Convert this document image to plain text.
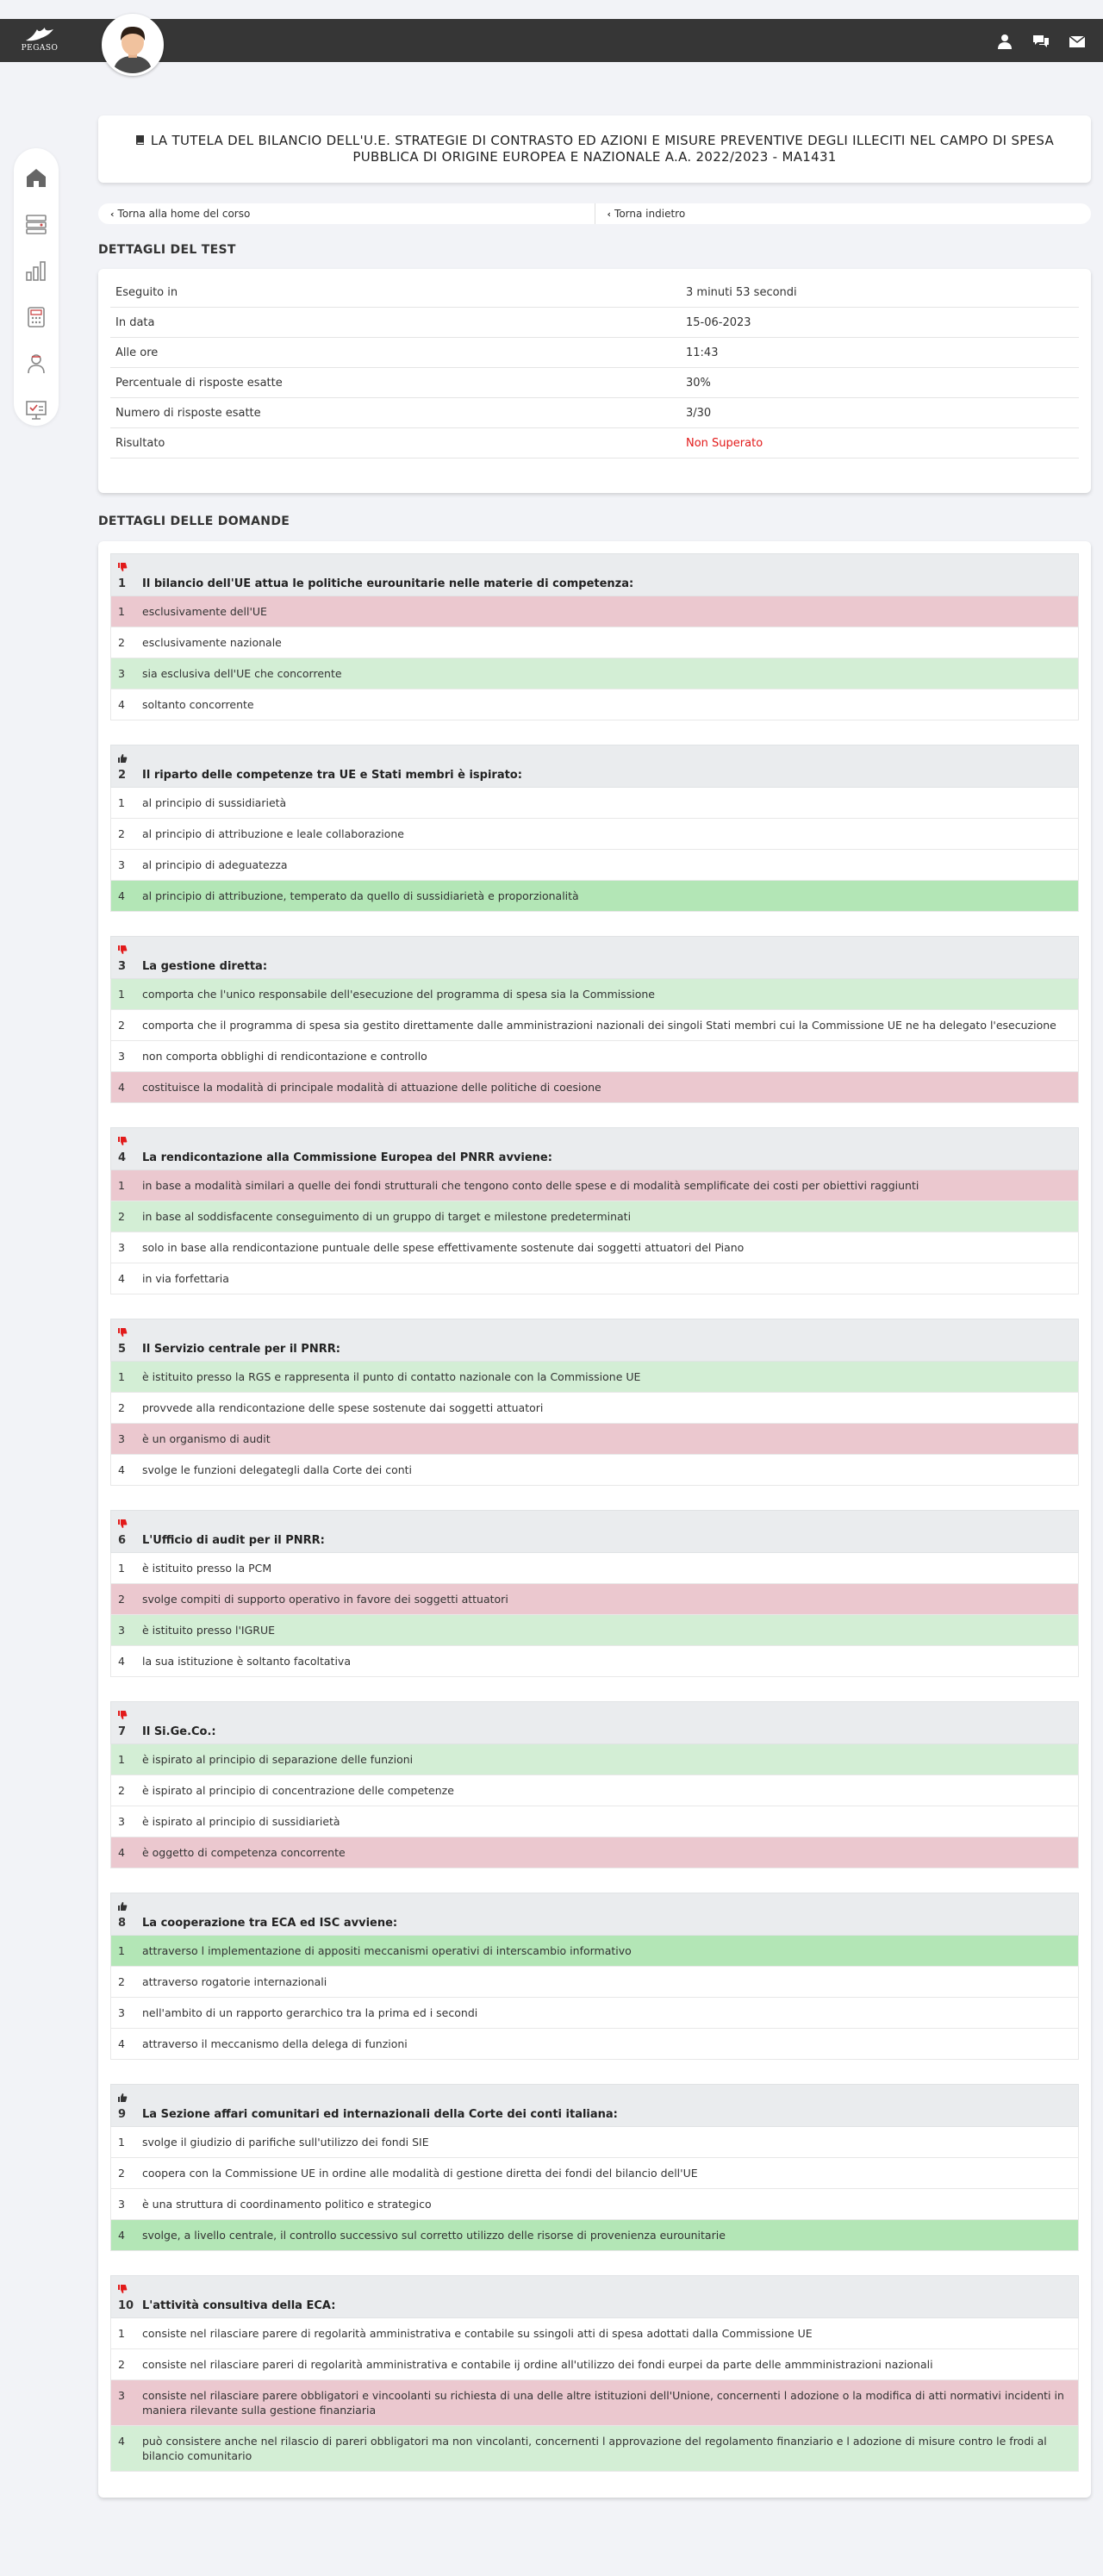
PEGASO
LA TUTELA DEL BILANCIO DELL'U.E. STRATEGIE DI CONTRASTO ED AZIONI E MISURE PREVENTIVE DEGLI ILLECITI NEL CAMPO DI SPESA PUBBLICA DI ORIGINE EUROPEA E NAZIONALE A.A. 2022/2023 - MA1431
‹ Torna alla home del corso	‹ Torna indietro
DETTAGLI DEL TEST
Eseguito in	3 minuti 53 secondi
In data	15-06-2023
Alle ore	11:43
Percentuale di risposte esatte	30%
Numero di risposte esatte	3/30
Risultato	Non Superato
DETTAGLI DELLE DOMANDE
1 Il bilancio dell'UE attua le politiche eurounitarie nelle materie di competenza:
1	esclusivamente dell'UE
2	esclusivamente nazionale
3	sia esclusiva dell'UE che concorrente
4	soltanto concorrente
2 Il riparto delle competenze tra UE e Stati membri è ispirato:
1	al principio di sussidiarietà
2	al principio di attribuzione e leale collaborazione
3	al principio di adeguatezza
4	al principio di attribuzione, temperato da quello di sussidiarietà e proporzionalità
3 La gestione diretta:
1	comporta che l'unico responsabile dell'esecuzione del programma di spesa sia la Commissione
2	comporta che il programma di spesa sia gestito direttamente dalle amministrazioni nazionali dei singoli Stati membri cui la Commissione UE ne ha delegato l'esecuzione
3	non comporta obblighi di rendicontazione e controllo
4	costituisce la modalità di principale modalità di attuazione delle politiche di coesione
4 La rendicontazione alla Commissione Europea del PNRR avviene:
1	in base a modalità similari a quelle dei fondi strutturali che tengono conto delle spese e di modalità semplificate dei costi per obiettivi raggiunti
2	in base al soddisfacente conseguimento di un gruppo di target e milestone predeterminati
3	solo in base alla rendicontazione puntuale delle spese effettivamente sostenute dai soggetti attuatori del Piano
4	in via forfettaria
5 Il Servizio centrale per il PNRR:
1	è istituito presso la RGS e rappresenta il punto di contatto nazionale con la Commissione UE
2	provvede alla rendicontazione delle spese sostenute dai soggetti attuatori
3	è un organismo di audit
4	svolge le funzioni delegategli dalla Corte dei conti
6 L'Ufficio di audit per il PNRR:
1	è istituito presso la PCM
2	svolge compiti di supporto operativo in favore dei soggetti attuatori
3	è istituito presso l'IGRUE
4	la sua istituzione è soltanto facoltativa
7 Il Si.Ge.Co.:
1	è ispirato al principio di separazione delle funzioni
2	è ispirato al principio di concentrazione delle competenze
3	è ispirato al principio di sussidiarietà
4	è oggetto di competenza concorrente
8 La cooperazione tra ECA ed ISC avviene:
1	attraverso l implementazione di appositi meccanismi operativi di interscambio informativo
2	attraverso rogatorie internazionali
3	nell'ambito di un rapporto gerarchico tra la prima ed i secondi
4	attraverso il meccanismo della delega di funzioni
9 La Sezione affari comunitari ed internazionali della Corte dei conti italiana:
1	svolge il giudizio di parifiche sull'utilizzo dei fondi SIE
2	coopera con la Commissione UE in ordine alle modalità di gestione diretta dei fondi del bilancio dell'UE
3	è una struttura di coordinamento politico e strategico
4	svolge, a livello centrale, il controllo successivo sul corretto utilizzo delle risorse di provenienza eurounitarie
10 L'attività consultiva della ECA:
1	consiste nel rilasciare parere di regolarità amministrativa e contabile su ssingoli atti di spesa adottati dalla Commissione UE
2	consiste nel rilasciare pareri di regolarità amministrativa e contabile ij ordine all'utilizzo dei fondi eurpei da parte delle ammministrazioni nazionali
3	consiste nel rilasciare parere obbligatori e vincoolanti su richiesta di una delle altre istituzioni dell'Unione, concernenti l adozione o la modifica di atti normativi incidenti in maniera rilevante sulla gestione finanziaria
4	può consistere anche nel rilascio di pareri obbligatori ma non vincolanti, concernenti l approvazione del regolamento finanziario e l adozione di misure contro le frodi al bilancio comunitario
